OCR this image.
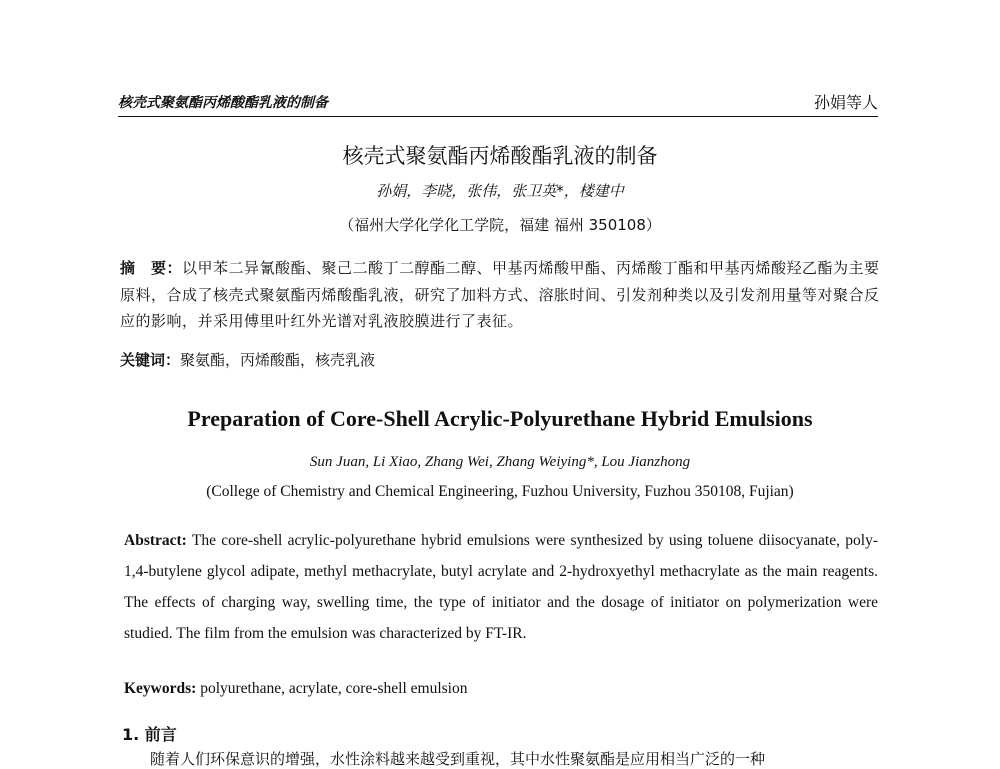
核壳式聚氨酯丙烯酸酯乳液的制备	孙娟等人
核壳式聚氨酯丙烯酸酯乳液的制备
孙娟，李晓，张伟，张卫英*，楼建中
（福州大学化学化工学院，福建 福州 350108）
摘　要：以甲苯二异氰酸酯、聚己二酸丁二醇酯二醇、甲基丙烯酸甲酯、丙烯酸丁酯和甲基丙烯酸羟乙酯为主要原料，合成了核壳式聚氨酯丙烯酸酯乳液，研究了加料方式、溶胀时间、引发剂种类以及引发剂用量等对聚合反应的影响，并采用傅里叶红外光谱对乳液胶膜进行了表征。
关键词：聚氨酯，丙烯酸酯，核壳乳液
Preparation of Core-Shell Acrylic-Polyurethane Hybrid Emulsions
Sun Juan, Li Xiao, Zhang Wei, Zhang Weiying*, Lou Jianzhong
(College of Chemistry and Chemical Engineering, Fuzhou University, Fuzhou 350108, Fujian)
Abstract: The core-shell acrylic-polyurethane hybrid emulsions were synthesized by using toluene diisocyanate, poly-1,4-butylene glycol adipate, methyl methacrylate, butyl acrylate and 2-hydroxyethyl methacrylate as the main reagents. The effects of charging way, swelling time, the type of initiator and the dosage of initiator on polymerization were studied. The film from the emulsion was characterized by FT-IR.
Keywords: polyurethane, acrylate, core-shell emulsion
1. 前言
随着人们环保意识的增强，水性涂料越来越受到重视，其中水性聚氨酯是应用相当广泛的一种
